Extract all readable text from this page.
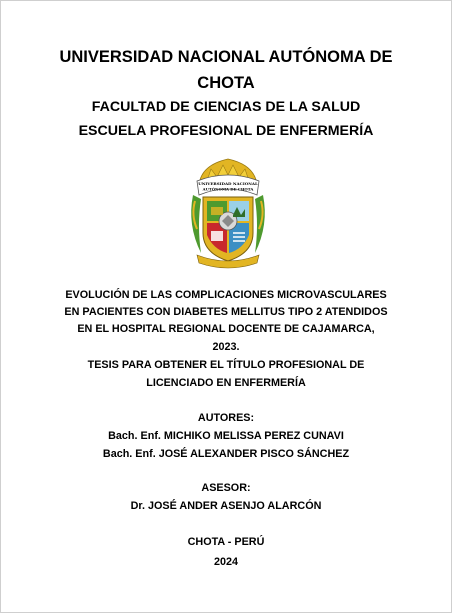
UNIVERSIDAD NACIONAL AUTÓNOMA DE
CHOTA
FACULTAD DE CIENCIAS DE LA SALUD
ESCUELA PROFESIONAL DE ENFERMERÍA
UNIVERSIDAD NACIONAL
AUTÓNOMA DE CHOTA
EVOLUCIÓN DE LAS COMPLICACIONES MICROVASCULARES
EN PACIENTES CON DIABETES MELLITUS TIPO 2 ATENDIDOS
EN EL HOSPITAL REGIONAL DOCENTE DE CAJAMARCA,
2023.
TESIS PARA OBTENER EL TÍTULO PROFESIONAL DE
LICENCIADO EN ENFERMERÍA
AUTORES:
Bach. Enf. MICHIKO MELISSA PEREZ CUNAVI
Bach. Enf. JOSÉ ALEXANDER PISCO SÁNCHEZ
ASESOR:
Dr. JOSÉ ANDER ASENJO ALARCÓN
CHOTA - PERÚ
2024
